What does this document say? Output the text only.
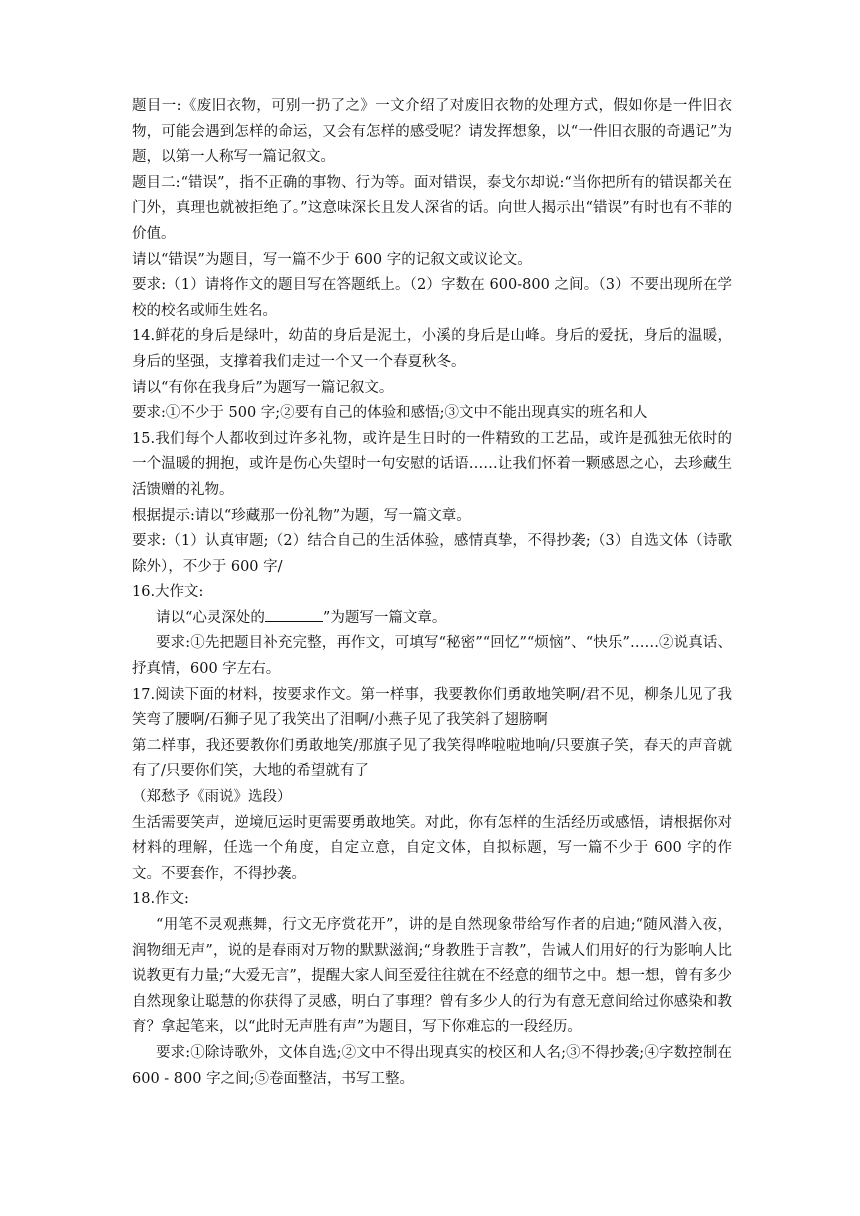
题目一:《废旧衣物，可别一扔了之》一文介绍了对废旧衣物的处理方式，假如你是一件旧衣物，可能会遇到怎样的命运，又会有怎样的感受呢？请发挥想象，以“一件旧衣服的奇遇记”为题，以第一人称写一篇记叙文。

题目二:“错误”，指不正确的事物、行为等。面对错误，泰戈尔却说:“当你把所有的错误都关在门外，真理也就被拒绝了。”这意味深长且发人深省的话。向世人揭示出“错误”有时也有不菲的价值。

请以“错误”为题目，写一篇不少于 600 字的记叙文或议论文。

要求:（1）请将作文的题目写在答题纸上。（2）字数在 600-800 之间。（3）不要出现所在学校的校名或师生姓名。

14.鲜花的身后是绿叶，幼苗的身后是泥土，小溪的身后是山峰。身后的爱抚，身后的温暖，身后的坚强，支撑着我们走过一个又一个春夏秋冬。

请以“有你在我身后”为题写一篇记叙文。

要求:①不少于 500 字;②要有自己的体验和感悟;③文中不能出现真实的班名和人

15.我们每个人都收到过许多礼物，或许是生日时的一件精致的工艺品，或许是孤独无依时的一个温暖的拥抱，或许是伤心失望时一句安慰的话语……让我们怀着一颗感恩之心，去珍藏生活馈赠的礼物。

根据提示:请以“珍藏那一份礼物”为题，写一篇文章。

要求:（1）认真审题;（2）结合自己的生活体验，感情真挚，不得抄袭;（3）自选文体（诗歌除外），不少于 600 字/

16.大作文:

请以“心灵深处的	”为题写一篇文章。

要求:①先把题目补充完整，再作文，可填写“秘密”“回忆”“烦恼”、“快乐”……②说真话、抒真情，600 字左右。

17.阅读下面的材料，按要求作文。第一样事，我要教你们勇敢地笑啊/君不见，柳条儿见了我笑弯了腰啊/石狮子见了我笑出了泪啊/小燕子见了我笑斜了翅膀啊

第二样事，我还要教你们勇敢地笑/那旗子见了我笑得哗啦啦地响/只要旗子笑，春天的声音就有了/只要你们笑，大地的希望就有了

（郑愁予《雨说》选段）

生活需要笑声，逆境厄运时更需要勇敢地笑。对此，你有怎样的生活经历或感悟，请根据你对材料的理解，任选一个角度，自定立意，自定文体，自拟标题，写一篇不少于 600 字的作文。不要套作，不得抄袭。

18.作文:

“用笔不灵观燕舞，行文无序赏花开”，讲的是自然现象带给写作者的启迪;“随风潜入夜，润物细无声”，说的是春雨对万物的默默滋润;“身教胜于言教”，告诫人们用好的行为影响人比说教更有力量;“大爱无言”，提醒大家人间至爱往往就在不经意的细节之中。想一想，曾有多少自然现象让聪慧的你获得了灵感，明白了事理？曾有多少人的行为有意无意间给过你感染和教育？拿起笔来，以“此时无声胜有声”为题目，写下你难忘的一段经历。

要求:①除诗歌外，文体自选;②文中不得出现真实的校区和人名;③不得抄袭;④字数控制在 600 - 800 字之间;⑤卷面整洁，书写工整。
